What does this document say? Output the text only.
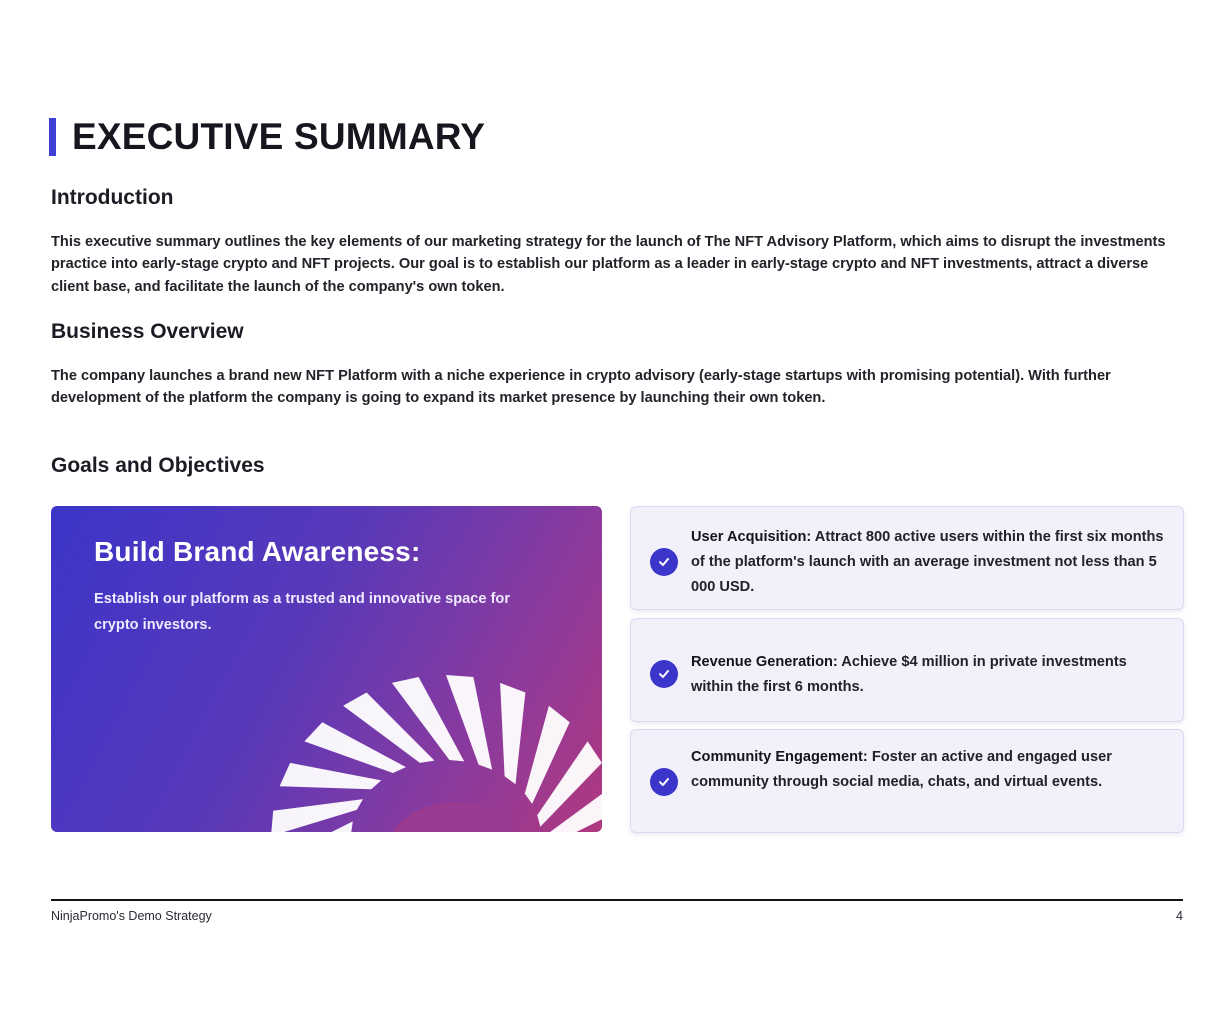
EXECUTIVE SUMMARY
Introduction
This executive summary outlines the key elements of our marketing strategy for the launch of The NFT Advisory Platform, which aims to disrupt the investments practice into early-stage crypto and NFT projects. Our goal is to establish our platform as a leader in early-stage crypto and NFT investments, attract a diverse client base, and facilitate the launch of the company's own token.
Business Overview
The company launches a brand new NFT Platform with a niche experience in crypto advisory (early-stage startups with promising potential). With further development of the platform the company is going to expand its market presence by launching their own token.
Goals and Objectives
Build Brand Awareness:
Establish our platform as a trusted and innovative space for crypto investors.
User Acquisition: Attract 800 active users within the first six months of the platform's launch with an average investment not less than 5 000 USD.
Revenue Generation: Achieve $4 million in private investments within the first 6 months.
Community Engagement: Foster an active and engaged user community through social media, chats, and virtual events.
NinjaPromo's Demo Strategy	4
